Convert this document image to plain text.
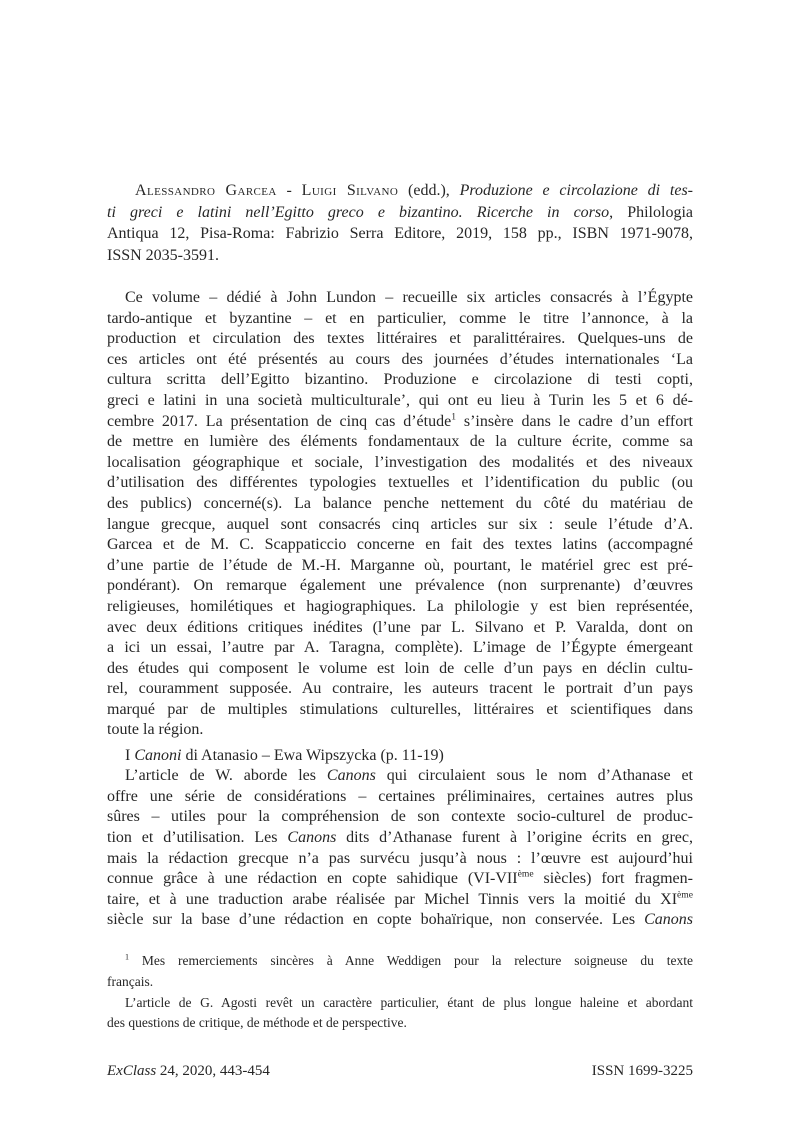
Alessandro Garcea - Luigi Silvano (edd.), Produzione e circolazione di tes-
ti greci e latini nell’Egitto greco e bizantino. Ricerche in corso, Philologia
Antiqua 12, Pisa-Roma: Fabrizio Serra Editore, 2019, 158 pp., ISBN 1971-9078,
ISSN 2035-3591.
Ce volume – dédié à John Lundon – recueille six articles consacrés à l’Égypte
tardo-antique et byzantine – et en particulier, comme le titre l’annonce, à la
production et circulation des textes littéraires et paralittéraires. Quelques-uns de
ces articles ont été présentés au cours des journées d’études internationales ‘La
cultura scritta dell’Egitto bizantino. Produzione e circolazione di testi copti,
greci e latini in una società multiculturale’, qui ont eu lieu à Turin les 5 et 6 dé-
cembre 2017. La présentation de cinq cas d’étude$^1$ s’insère dans le cadre d’un effort
de mettre en lumière des éléments fondamentaux de la culture écrite, comme sa
localisation géographique et sociale, l’investigation des modalités et des niveaux
d’utilisation des différentes typologies textuelles et l’identification du public (ou
des publics) concerné(s). La balance penche nettement du côté du matériau de
langue grecque, auquel sont consacrés cinq articles sur six : seule l’étude d’A.
Garcea et de M. C. Scappaticcio concerne en fait des textes latins (accompagné
d’une partie de l’étude de M.-H. Marganne où, pourtant, le matériel grec est pré-
pondérant). On remarque également une prévalence (non surprenante) d’œuvres
religieuses, homilétiques et hagiographiques. La philologie y est bien représentée,
avec deux éditions critiques inédites (l’une par L. Silvano et P. Varalda, dont on
a ici un essai, l’autre par A. Taragna, complète). L’image de l’Égypte émergeant
des études qui composent le volume est loin de celle d’un pays en déclin cultu-
rel, couramment supposée. Au contraire, les auteurs tracent le portrait d’un pays
marqué par de multiples stimulations culturelles, littéraires et scientifiques dans
toute la région.
I Canoni di Atanasio – Ewa Wipszycka (p. 11-19)
L’article de W. aborde les Canons qui circulaient sous le nom d’Athanase et
offre une série de considérations – certaines préliminaires, certaines autres plus
sûres – utiles pour la compréhension de son contexte socio-culturel de produc-
tion et d’utilisation. Les Canons dits d’Athanase furent à l’origine écrits en grec,
mais la rédaction grecque n’a pas survécu jusqu’à nous : l’œuvre est aujourd’hui
connue grâce à une rédaction en copte sahidique (VI-VIIème siècles) fort fragmen-
taire, et à une traduction arabe réalisée par Michel Tinnis vers la moitié du XIème
siècle sur la base d’une rédaction en copte bohaïrique, non conservée. Les Canons
$^1$ Mes remerciements sincères à Anne Weddigen pour la relecture soigneuse du texte
français.
L’article de G. Agosti revêt un caractère particulier, étant de plus longue haleine et abordant
des questions de critique, de méthode et de perspective.
ExClass 24, 2020, 443-454	ISSN 1699-3225
